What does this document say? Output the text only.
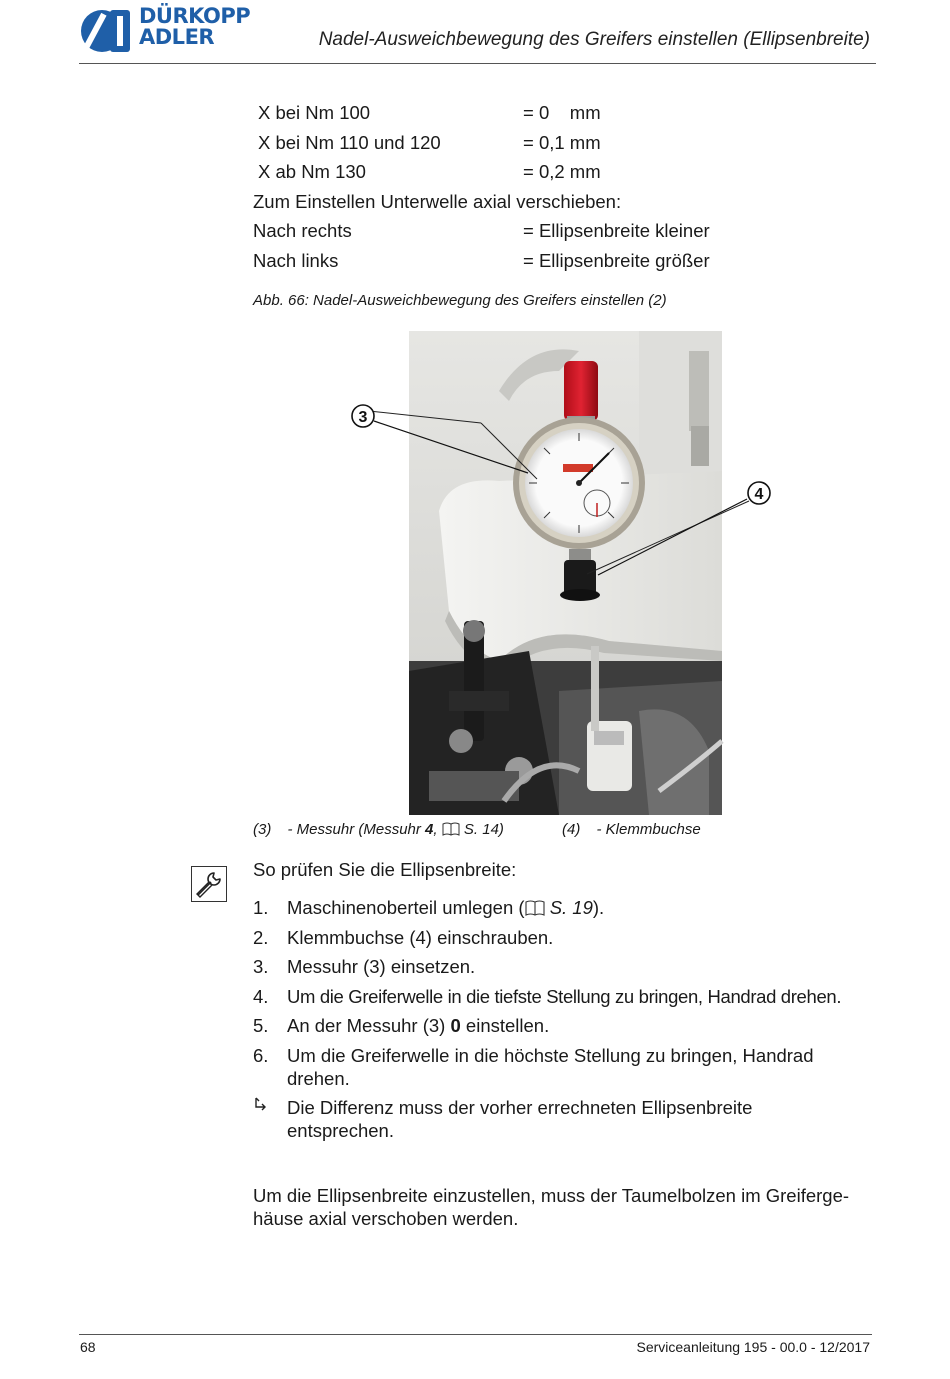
DÜRKOPP
ADLER	Nadel-Ausweichbewegung des Greifers einstellen (Ellipsenbreite)
X bei Nm 100	= 0    mm
X bei Nm 110 und 120	= 0,1 mm
X ab Nm 130	= 0,2 mm
Zum Einstellen Unterwelle axial verschieben:
Nach rechts	= Ellipsenbreite kleiner
Nach links	= Ellipsenbreite größer
Abb. 66: Nadel-Ausweichbewegung des Greifers einstellen (2)
3
4
(3) - Messuhr (Messuhr 4,  S. 14)	(4) - Klemmbuchse
So prüfen Sie die Ellipsenbreite:
1. Maschinenoberteil umlegen ( S. 19).
2. Klemmbuchse (4) einschrauben.
3. Messuhr (3) einsetzen.
4. Um die Greiferwelle in die tiefste Stellung zu bringen, Handrad drehen.
5. An der Messuhr (3) 0 einstellen.
6. Um die Greiferwelle in die höchste Stellung zu bringen, Handrad drehen.
Die Differenz muss der vorher errechneten Ellipsenbreite entsprechen.
Um die Ellipsenbreite einzustellen, muss der Taumelbolzen im Greiferge-häuse axial verschoben werden.
68	Serviceanleitung 195 - 00.0 - 12/2017
